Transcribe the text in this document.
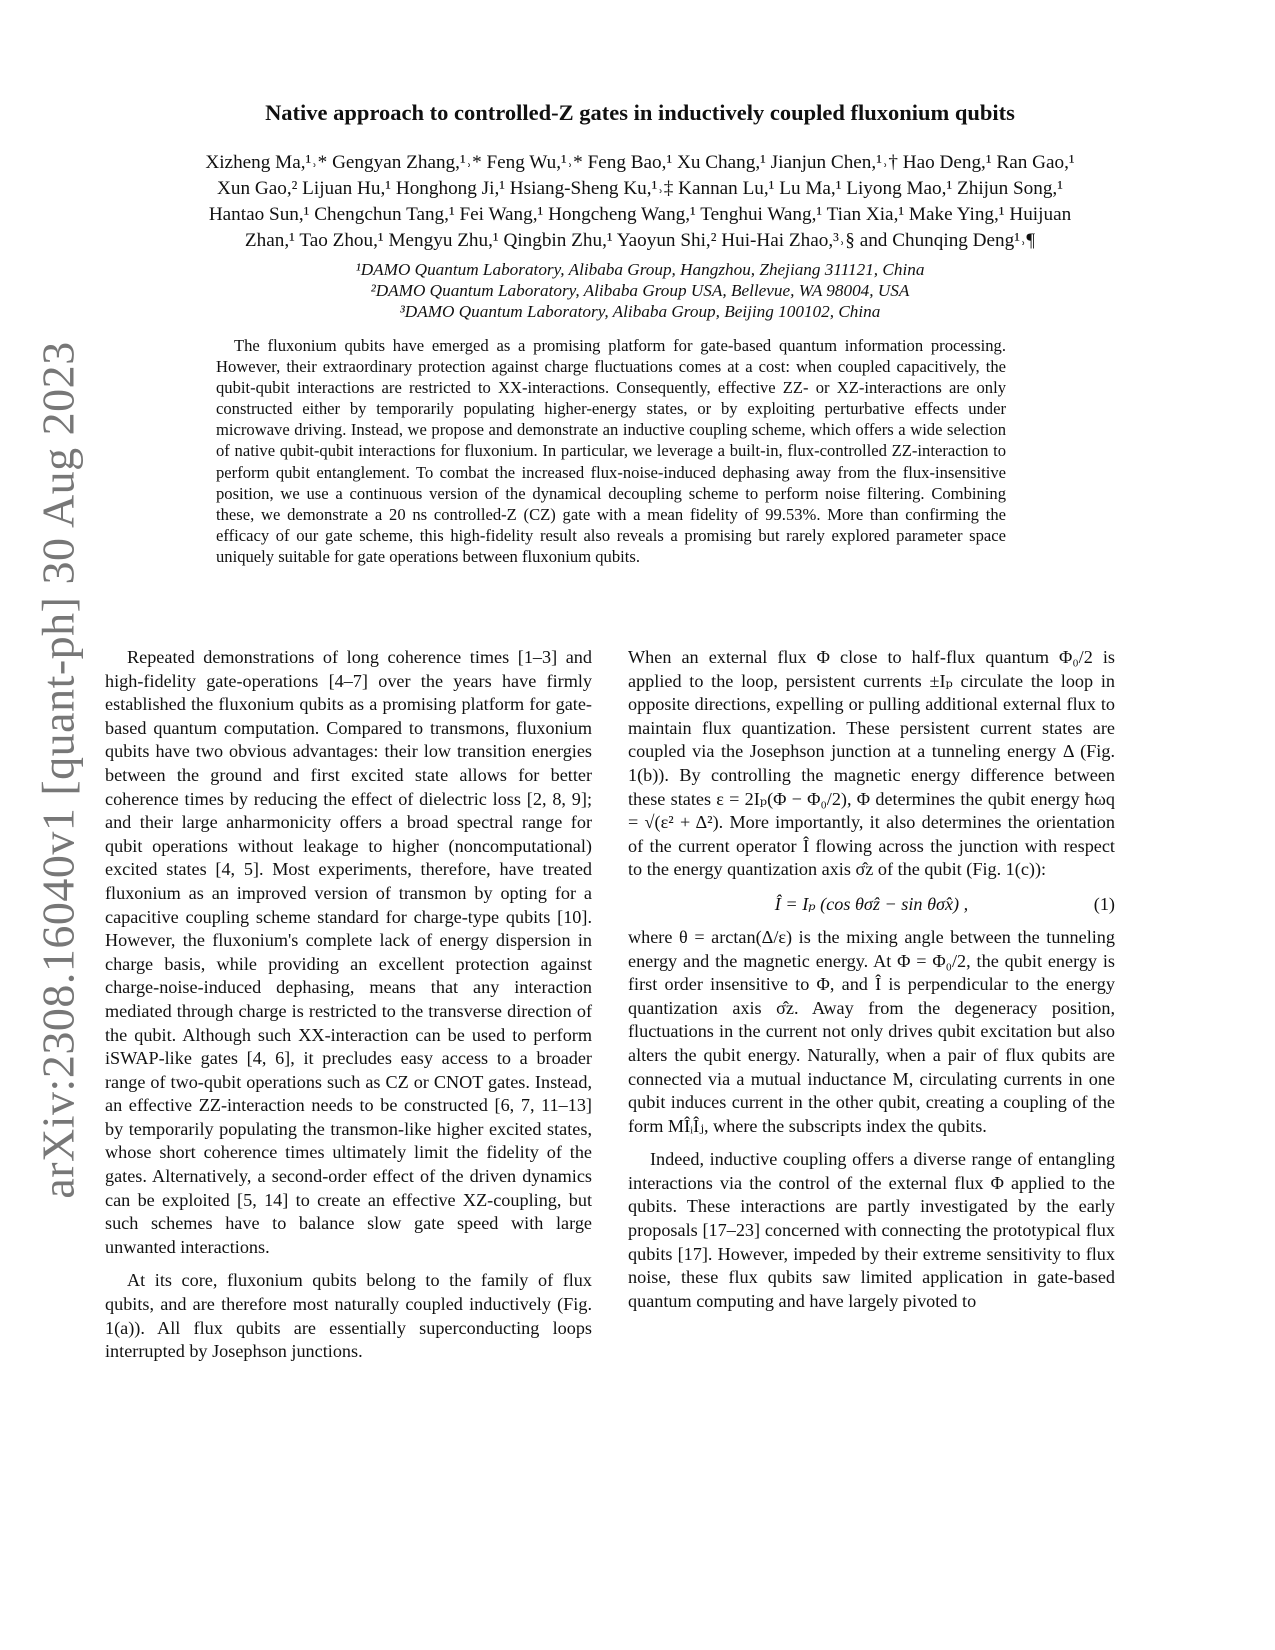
arXiv:2308.16040v1 [quant-ph] 30 Aug 2023
Native approach to controlled-Z gates in inductively coupled fluxonium qubits
Xizheng Ma,¹˒* Gengyan Zhang,¹˒* Feng Wu,¹˒* Feng Bao,¹ Xu Chang,¹ Jianjun Chen,¹˒† Hao Deng,¹ Ran Gao,¹
Xun Gao,² Lijuan Hu,¹ Honghong Ji,¹ Hsiang-Sheng Ku,¹˒‡ Kannan Lu,¹ Lu Ma,¹ Liyong Mao,¹ Zhijun Song,¹
Hantao Sun,¹ Chengchun Tang,¹ Fei Wang,¹ Hongcheng Wang,¹ Tenghui Wang,¹ Tian Xia,¹ Make Ying,¹ Huijuan
Zhan,¹ Tao Zhou,¹ Mengyu Zhu,¹ Qingbin Zhu,¹ Yaoyun Shi,² Hui-Hai Zhao,³˒§ and Chunqing Deng¹˒¶
¹DAMO Quantum Laboratory, Alibaba Group, Hangzhou, Zhejiang 311121, China
²DAMO Quantum Laboratory, Alibaba Group USA, Bellevue, WA 98004, USA
³DAMO Quantum Laboratory, Alibaba Group, Beijing 100102, China
The fluxonium qubits have emerged as a promising platform for gate-based quantum information processing. However, their extraordinary protection against charge fluctuations comes at a cost: when coupled capacitively, the qubit-qubit interactions are restricted to XX-interactions. Consequently, effective ZZ- or XZ-interactions are only constructed either by temporarily populating higher-energy states, or by exploiting perturbative effects under microwave driving. Instead, we propose and demonstrate an inductive coupling scheme, which offers a wide selection of native qubit-qubit interactions for fluxonium. In particular, we leverage a built-in, flux-controlled ZZ-interaction to perform qubit entanglement. To combat the increased flux-noise-induced dephasing away from the flux-insensitive position, we use a continuous version of the dynamical decoupling scheme to perform noise filtering. Combining these, we demonstrate a 20 ns controlled-Z (CZ) gate with a mean fidelity of 99.53%. More than confirming the efficacy of our gate scheme, this high-fidelity result also reveals a promising but rarely explored parameter space uniquely suitable for gate operations between fluxonium qubits.

Repeated demonstrations of long coherence times [1–3] and high-fidelity gate-operations [4–7] over the years have firmly established the fluxonium qubits as a promising platform for gate-based quantum computation. Compared to transmons, fluxonium qubits have two obvious advantages: their low transition energies between the ground and first excited state allows for better coherence times by reducing the effect of dielectric loss [2, 8, 9]; and their large anharmonicity offers a broad spectral range for qubit operations without leakage to higher (noncomputational) excited states [4, 5]. Most experiments, therefore, have treated fluxonium as an improved version of transmon by opting for a capacitive coupling scheme standard for charge-type qubits [10]. However, the fluxonium's complete lack of energy dispersion in charge basis, while providing an excellent protection against charge-noise-induced dephasing, means that any interaction mediated through charge is restricted to the transverse direction of the qubit. Although such XX-interaction can be used to perform iSWAP-like gates [4, 6], it precludes easy access to a broader range of two-qubit operations such as CZ or CNOT gates. Instead, an effective ZZ-interaction needs to be constructed [6, 7, 11–13] by temporarily populating the transmon-like higher excited states, whose short coherence times ultimately limit the fidelity of the gates. Alternatively, a second-order effect of the driven dynamics can be exploited [5, 14] to create an effective XZ-coupling, but such schemes have to balance slow gate speed with large unwanted interactions.

At its core, fluxonium qubits belong to the family of flux qubits, and are therefore most naturally coupled inductively (Fig. 1(a)). All flux qubits are essentially superconducting loops interrupted by Josephson junctions.

When an external flux Φ close to half-flux quantum Φ₀/2 is applied to the loop, persistent currents ±Iₚ circulate the loop in opposite directions, expelling or pulling additional external flux to maintain flux quantization. These persistent current states are coupled via the Josephson junction at a tunneling energy Δ (Fig. 1(b)). By controlling the magnetic energy difference between these states ε = 2Iₚ(Φ − Φ₀/2), Φ determines the qubit energy ħωq = √(ε² + Δ²). More importantly, it also determines the orientation of the current operator Î flowing across the junction with respect to the energy quantization axis σ̂z of the qubit (Fig. 1(c)):

Î = Iₚ (cos θσ̂z − sin θσ̂x) ,	(1)

where θ = arctan(Δ/ε) is the mixing angle between the tunneling energy and the magnetic energy. At Φ = Φ₀/2, the qubit energy is first order insensitive to Φ, and Î is perpendicular to the energy quantization axis σ̂z. Away from the degeneracy position, fluctuations in the current not only drives qubit excitation but also alters the qubit energy. Naturally, when a pair of flux qubits are connected via a mutual inductance M, circulating currents in one qubit induces current in the other qubit, creating a coupling of the form MÎᵢÎⱼ, where the subscripts index the qubits.

Indeed, inductive coupling offers a diverse range of entangling interactions via the control of the external flux Φ applied to the qubits. These interactions are partly investigated by the early proposals [17–23] concerned with connecting the prototypical flux qubits [17]. However, impeded by their extreme sensitivity to flux noise, these flux qubits saw limited application in gate-based quantum computing and have largely pivoted to
